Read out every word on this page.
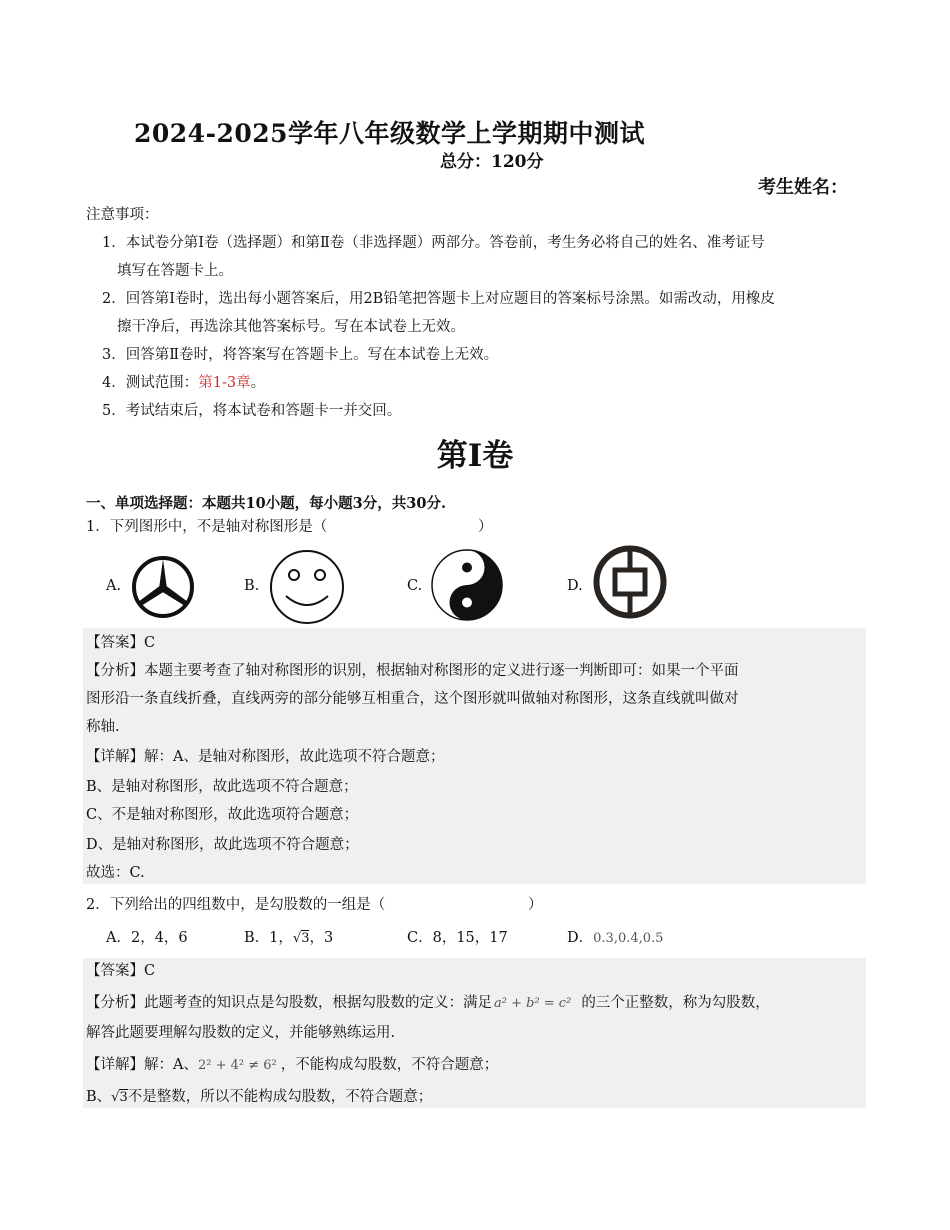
2024-2025学年八年级数学上学期期中测试
总分：120分
考生姓名：
注意事项：
1．本试卷分第Ⅰ卷（选择题）和第Ⅱ卷（非选择题）两部分。答卷前，考生务必将自己的姓名、准考证号
填写在答题卡上。
2．回答第Ⅰ卷时，选出每小题答案后，用2B铅笔把答题卡上对应题目的答案标号涂黑。如需改动，用橡皮
擦干净后，再选涂其他答案标号。写在本试卷上无效。
3．回答第Ⅱ卷时，将答案写在答题卡上。写在本试卷上无效。
4．测试范围：第1-3章。
5．考试结束后，将本试卷和答题卡一并交回。
第Ⅰ卷
一、单项选择题：本题共10小题，每小题3分，共30分.
1．下列图形中，不是轴对称图形是（	）
A.	B.	C.	D.
【答案】C
【分析】本题主要考查了轴对称图形的识别，根据轴对称图形的定义进行逐一判断即可：如果一个平面
图形沿一条直线折叠，直线两旁的部分能够互相重合，这个图形就叫做轴对称图形，这条直线就叫做对
称轴.
【详解】解：A、是轴对称图形，故此选项不符合题意；
B、是轴对称图形，故此选项不符合题意；
C、不是轴对称图形，故此选项符合题意；
D、是轴对称图形，故此选项不符合题意；
故选：C.
2．下列给出的四组数中，是勾股数的一组是（	）
A．2，4，6	B．1，√3，3	C．8，15，17	D．0.3,0.4,0.5
【答案】C
【分析】此题考查的知识点是勾股数，根据勾股数的定义：满足 a² + b² = c² 的三个正整数，称为勾股数，
解答此题要理解勾股数的定义，并能够熟练运用.
【详解】解：A、2² + 4² ≠ 6² ，不能构成勾股数，不符合题意；
B、√3不是整数，所以不能构成勾股数，不符合题意；
